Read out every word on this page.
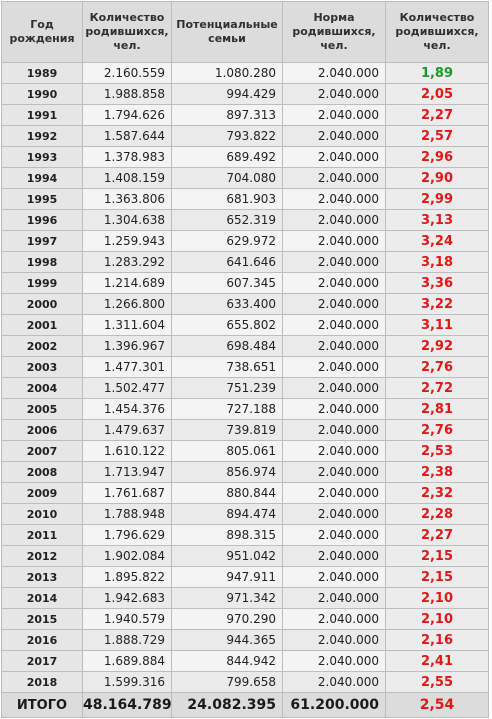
Год рождения	Количество родившихся, чел.	Потенциальные семьи	Норма родившихся, чел.	Количество родившихся, чел.
1989	2.160.559	1.080.280	2.040.000	1,89
1990	1.988.858	994.429	2.040.000	2,05
1991	1.794.626	897.313	2.040.000	2,27
1992	1.587.644	793.822	2.040.000	2,57
1993	1.378.983	689.492	2.040.000	2,96
1994	1.408.159	704.080	2.040.000	2,90
1995	1.363.806	681.903	2.040.000	2,99
1996	1.304.638	652.319	2.040.000	3,13
1997	1.259.943	629.972	2.040.000	3,24
1998	1.283.292	641.646	2.040.000	3,18
1999	1.214.689	607.345	2.040.000	3,36
2000	1.266.800	633.400	2.040.000	3,22
2001	1.311.604	655.802	2.040.000	3,11
2002	1.396.967	698.484	2.040.000	2,92
2003	1.477.301	738.651	2.040.000	2,76
2004	1.502.477	751.239	2.040.000	2,72
2005	1.454.376	727.188	2.040.000	2,81
2006	1.479.637	739.819	2.040.000	2,76
2007	1.610.122	805.061	2.040.000	2,53
2008	1.713.947	856.974	2.040.000	2,38
2009	1.761.687	880.844	2.040.000	2,32
2010	1.788.948	894.474	2.040.000	2,28
2011	1.796.629	898.315	2.040.000	2,27
2012	1.902.084	951.042	2.040.000	2,15
2013	1.895.822	947.911	2.040.000	2,15
2014	1.942.683	971.342	2.040.000	2,10
2015	1.940.579	970.290	2.040.000	2,10
2016	1.888.729	944.365	2.040.000	2,16
2017	1.689.884	844.942	2.040.000	2,41
2018	1.599.316	799.658	2.040.000	2,55
ИТОГО	48.164.789	24.082.395	61.200.000	2,54
